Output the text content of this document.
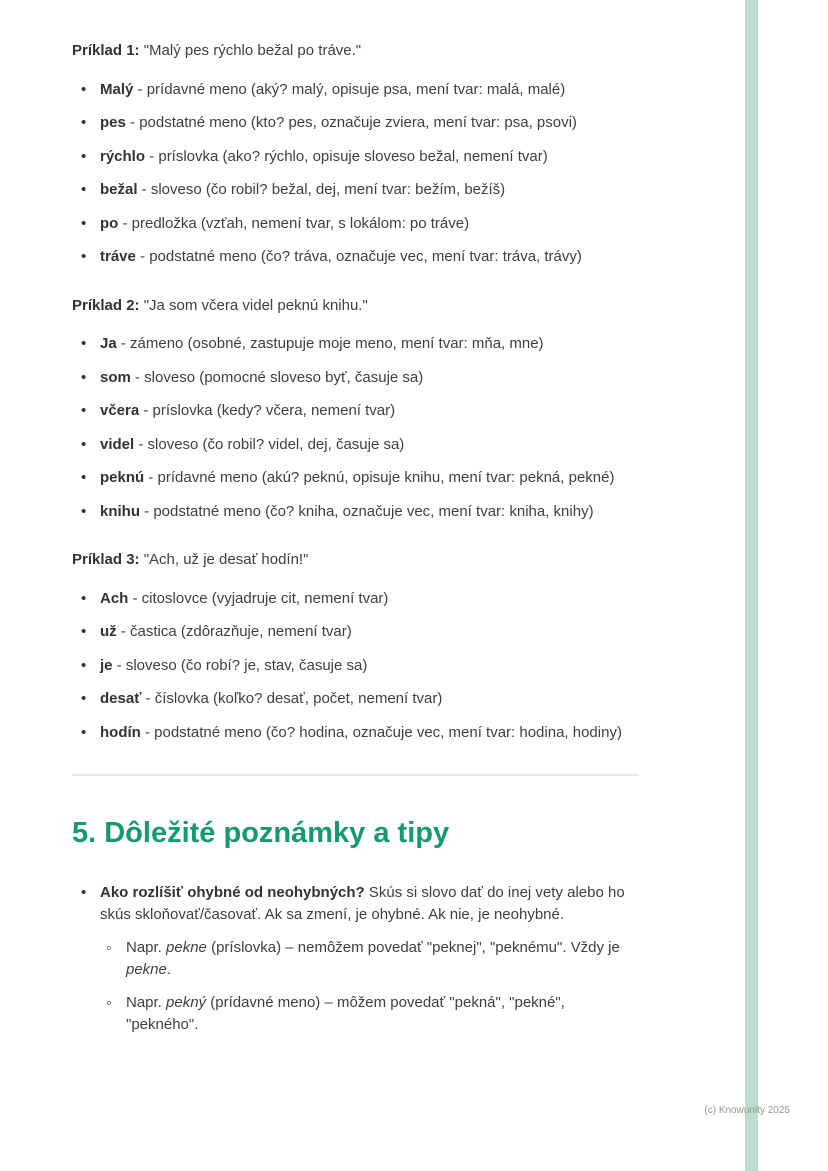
Príklad 1: "Malý pes rýchlo bežal po tráve."

• Malý - prídavné meno (aký? malý, opisuje psa, mení tvar: malá, malé)
• pes - podstatné meno (kto? pes, označuje zviera, mení tvar: psa, psovi)
• rýchlo - príslovka (ako? rýchlo, opisuje sloveso bežal, nemení tvar)
• bežal - sloveso (čo robil? bežal, dej, mení tvar: bežím, bežíš)
• po - predložka (vzťah, nemení tvar, s lokálom: po tráve)
• tráve - podstatné meno (čo? tráva, označuje vec, mení tvar: tráva, trávy)

Príklad 2: "Ja som včera videl peknú knihu."

• Ja - zámeno (osobné, zastupuje moje meno, mení tvar: mňa, mne)
• som - sloveso (pomocné sloveso byť, časuje sa)
• včera - príslovka (kedy? včera, nemení tvar)
• videl - sloveso (čo robil? videl, dej, časuje sa)
• peknú - prídavné meno (akú? peknú, opisuje knihu, mení tvar: pekná, pekné)
• knihu - podstatné meno (čo? kniha, označuje vec, mení tvar: kniha, knihy)

Príklad 3: "Ach, už je desať hodín!"

• Ach - citoslovce (vyjadruje cit, nemení tvar)
• už - častica (zdôrazňuje, nemení tvar)
• je - sloveso (čo robí? je, stav, časuje sa)
• desať - číslovka (koľko? desať, počet, nemení tvar)
• hodín - podstatné meno (čo? hodina, označuje vec, mení tvar: hodina, hodiny)
5. Dôležité poznámky a tipy
• Ako rozlíšiť ohybné od neohybných? Skús si slovo dať do inej vety alebo ho skús skloňovať/časovať. Ak sa zmení, je ohybné. Ak nie, je neohybné.
◦ Napr. pekne (príslovka) – nemôžem povedať "peknej", "peknému". Vždy je pekne.
◦ Napr. pekný (prídavné meno) – môžem povedať "pekná", "pekné", "pekného".
(c) Knowunity 2025
